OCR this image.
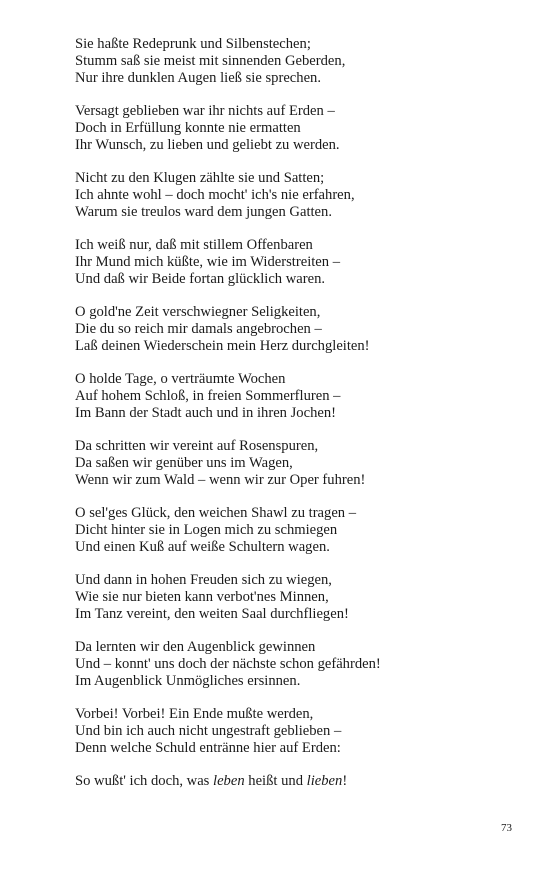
Sie haßte Redeprunk und Silbenstechen;
Stumm saß sie meist mit sinnenden Geberden,
Nur ihre dunklen Augen ließ sie sprechen.
Versagt geblieben war ihr nichts auf Erden –
Doch in Erfüllung konnte nie ermatten
Ihr Wunsch, zu lieben und geliebt zu werden.
Nicht zu den Klugen zählte sie und Satten;
Ich ahnte wohl – doch mocht' ich's nie erfahren,
Warum sie treulos ward dem jungen Gatten.
Ich weiß nur, daß mit stillem Offenbaren
Ihr Mund mich küßte, wie im Widerstreiten –
Und daß wir Beide fortan glücklich waren.
O gold'ne Zeit verschwiegner Seligkeiten,
Die du so reich mir damals angebrochen –
Laß deinen Wiederschein mein Herz durchgleiten!
O holde Tage, o verträumte Wochen
Auf hohem Schloß, in freien Sommerfluren –
Im Bann der Stadt auch und in ihren Jochen!
Da schritten wir vereint auf Rosenspuren,
Da saßen wir genüber uns im Wagen,
Wenn wir zum Wald – wenn wir zur Oper fuhren!
O sel'ges Glück, den weichen Shawl zu tragen –
Dicht hinter sie in Logen mich zu schmiegen
Und einen Kuß auf weiße Schultern wagen.
Und dann in hohen Freuden sich zu wiegen,
Wie sie nur bieten kann verbot'nes Minnen,
Im Tanz vereint, den weiten Saal durchfliegen!
Da lernten wir den Augenblick gewinnen
Und – konnt' uns doch der nächste schon gefährden!
Im Augenblick Unmögliches ersinnen.
Vorbei! Vorbei! Ein Ende mußte werden,
Und bin ich auch nicht ungestraft geblieben –
Denn welche Schuld entränne hier auf Erden:
So wußt' ich doch, was leben heißt und lieben!
73
